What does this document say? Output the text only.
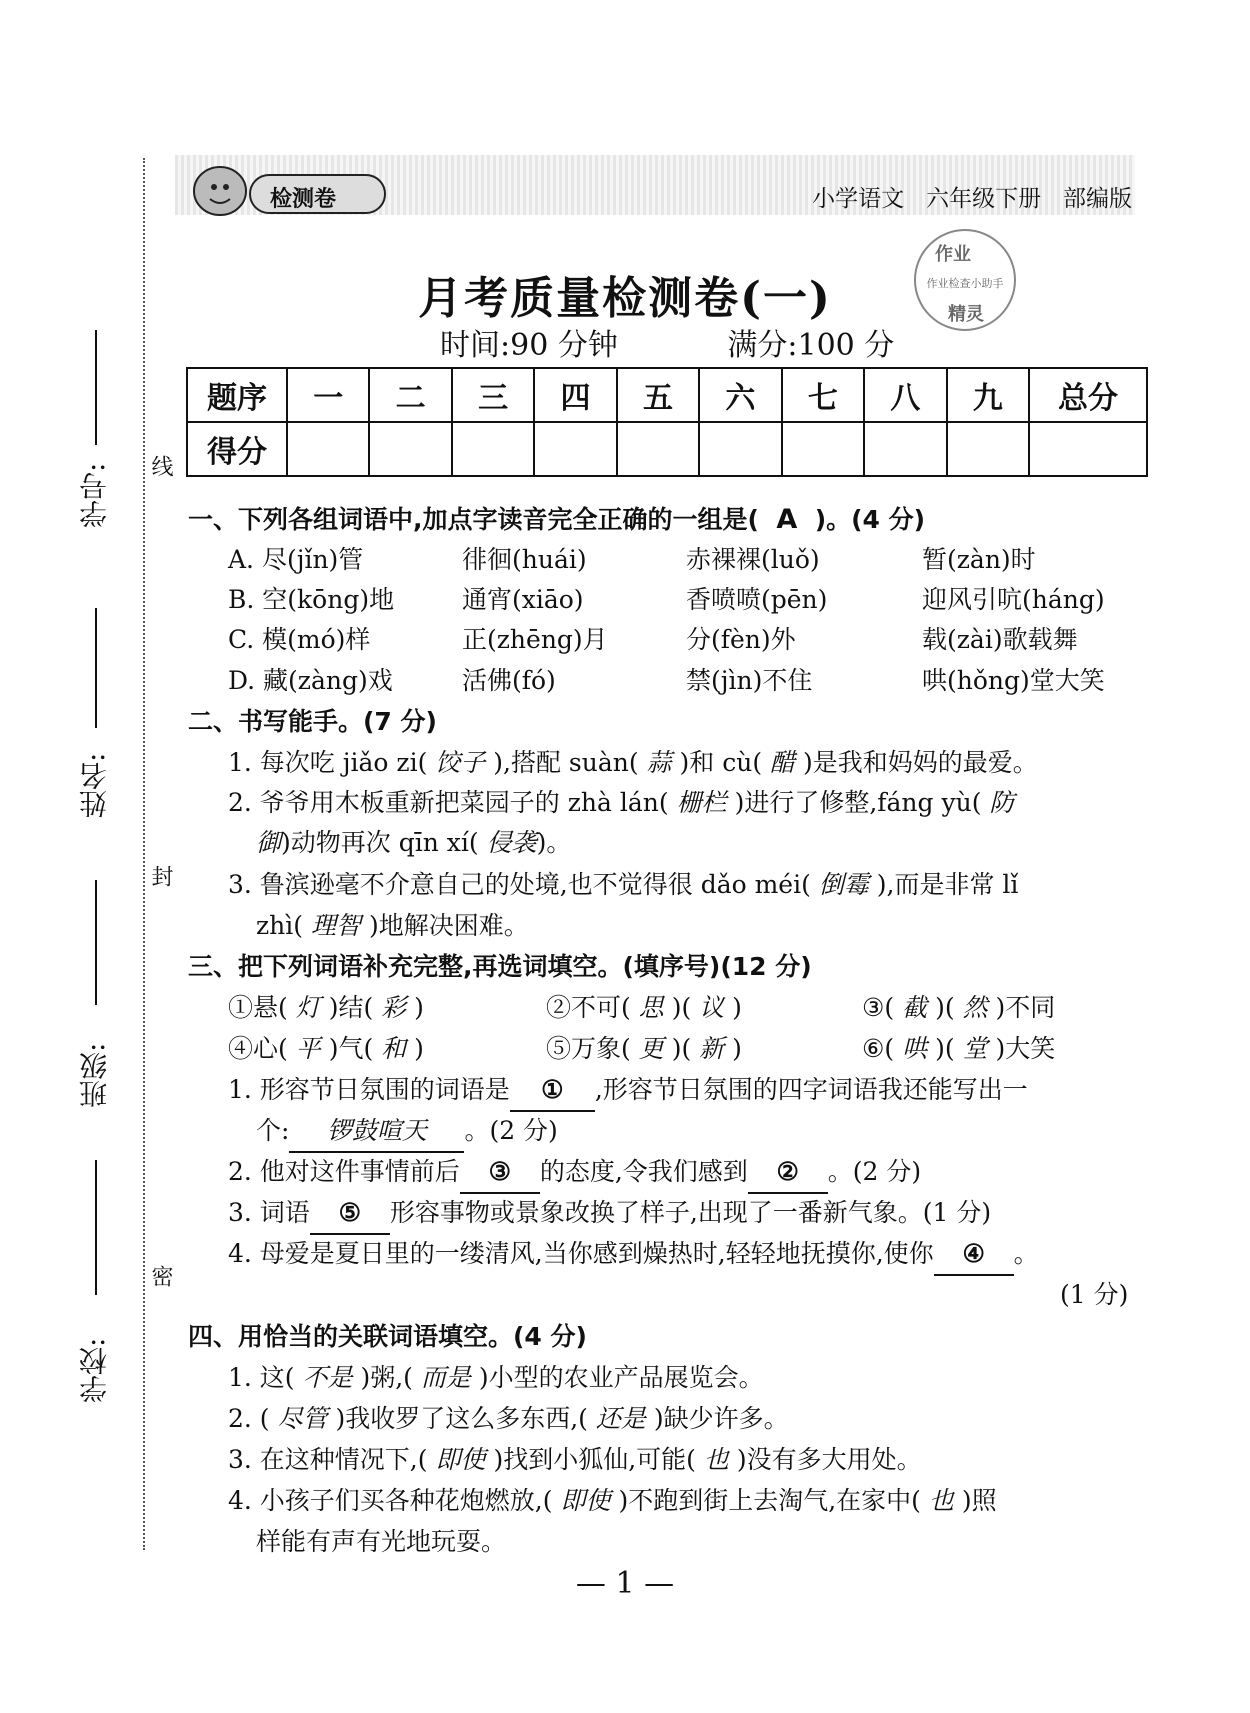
学号:
姓名:
班级:
学校:
线
封
密
检测卷	小学语文 六年级下册 部编版
作业
作业检查小助手
精灵
月考质量检测卷(一)
时间:90 分钟	满分:100 分
题序	一	二	三	四	五	六	七	八	九	总分
得分										
一、下列各组词语中,加点字读音完全正确的一组是( A )。(4 分)
A. 尽(jǐn)管	徘徊(huái)	赤裸裸(luǒ)	暂(zàn)时
B. 空(kōng)地	通宵(xiāo)	香喷喷(pēn)	迎风引吭(háng)
C. 模(mó)样	正(zhēng)月	分(fèn)外	载(zài)歌载舞
D. 藏(zàng)戏	活佛(fó)	禁(jìn)不住	哄(hǒng)堂大笑
二、书写能手。(7 分)
1. 每次吃 jiǎo zi( 饺子 ),搭配 suàn( 蒜 )和 cù( 醋 )是我和妈妈的最爱。
2. 爷爷用木板重新把菜园子的 zhà lán( 栅栏 )进行了修整,fáng yù( 防
御)动物再次 qīn xí( 侵袭)。
3. 鲁滨逊毫不介意自己的处境,也不觉得很 dǎo méi( 倒霉 ),而是非常 lǐ
zhì( 理智 )地解决困难。
三、把下列词语补充完整,再选词填空。(填序号)(12 分)
①悬( 灯 )结( 彩 )	②不可( 思 )( 议 )	③( 截 )( 然 )不同
④心( 平 )气( 和 )	⑤万象( 更 )( 新 )	⑥( 哄 )( 堂 )大笑
1. 形容节日氛围的词语是 ① ,形容节日氛围的四字词语我还能写出一
个: 锣鼓喧天 。(2 分)
2. 他对这件事情前后 ③ 的态度,令我们感到 ② 。(2 分)
3. 词语 ⑤ 形容事物或景象改换了样子,出现了一番新气象。(1 分)
4. 母爱是夏日里的一缕清风,当你感到燥热时,轻轻地抚摸你,使你 ④ 。
(1 分)
四、用恰当的关联词语填空。(4 分)
1. 这( 不是 )粥,( 而是 )小型的农业产品展览会。
2. ( 尽管 )我收罗了这么多东西,( 还是 )缺少许多。
3. 在这种情况下,( 即使 )找到小狐仙,可能( 也 )没有多大用处。
4. 小孩子们买各种花炮燃放,( 即使 )不跑到街上去淘气,在家中( 也 )照
样能有声有光地玩耍。
— 1 —
